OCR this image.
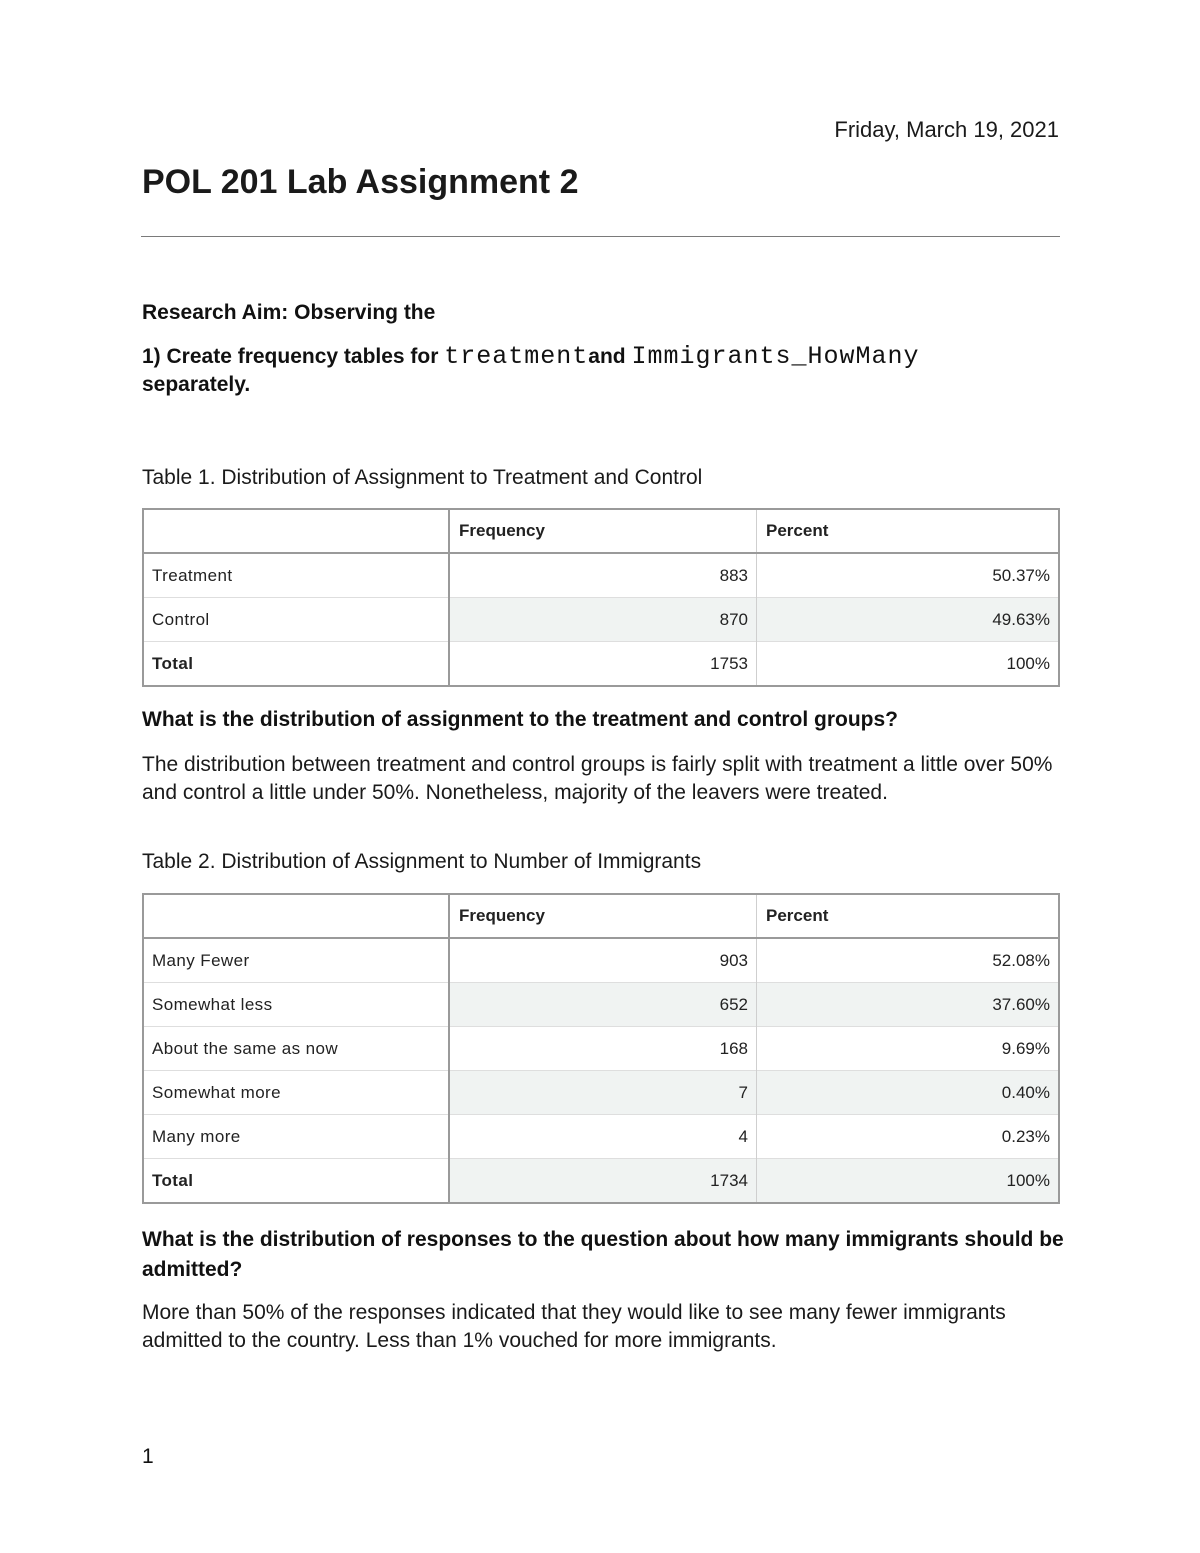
Friday, March 19, 2021
POL 201 Lab Assignment 2
Research Aim: Observing the
1) Create frequency tables for treatmentand Immigrants_HowMany
separately.
Table 1. Distribution of Assignment to Treatment and Control
	Frequency	Percent
Treatment	883	50.37%
Control	870	49.63%
Total	1753	100%
What is the distribution of assignment to the treatment and control groups?
The distribution between treatment and control groups is fairly split with treatment a little over 50% and control a little under 50%. Nonetheless, majority of the leavers were treated.
Table 2. Distribution of Assignment to Number of Immigrants
	Frequency	Percent
Many Fewer	903	52.08%
Somewhat less	652	37.60%
About the same as now	168	9.69%
Somewhat more	7	0.40%
Many more	4	0.23%
Total	1734	100%
What is the distribution of responses to the question about how many immigrants should be admitted?
More than 50% of the responses indicated that they would like to see many fewer immigrants admitted to the country. Less than 1% vouched for more immigrants.
1
